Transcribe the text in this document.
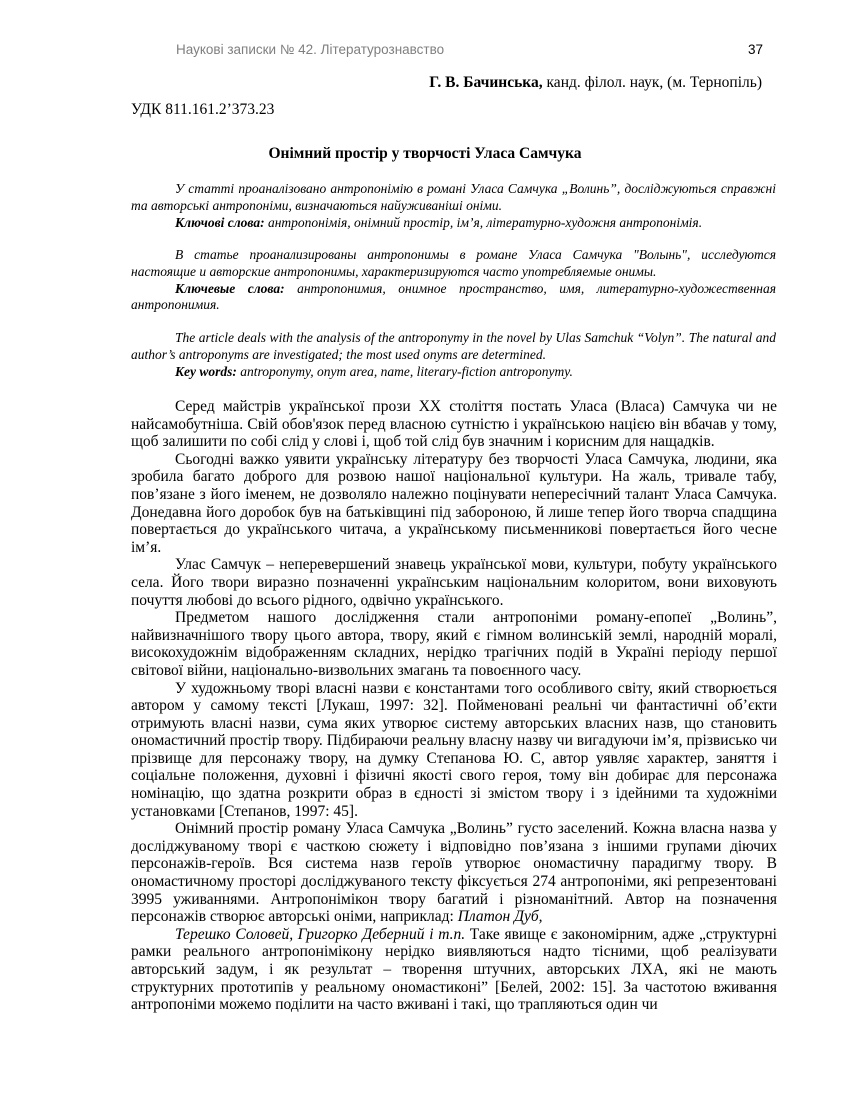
Наукові записки № 42. Літературознавство	37
Г. В. Бачинська, канд. філол. наук, (м. Тернопіль)
УДК 811.161.2’373.23
Онімний простір у творчості Уласа Самчука

У статті проаналізовано антропонімію в романі Уласа Самчука „Волинь”, досліджуються справжні та авторські антропоніми, визначаються найуживаніші оніми.

Ключові слова: антропонімія, онімний простір, ім’я, літературно-художня антропонімія.

В статье проанализированы антропонимы в романе Уласа Самчука "Волынь", исследуются настоящие и авторские антропонимы, характеризируются часто употребляемые онимы.

Ключевые слова: антропонимия, онимное пространство, имя, литературно-художественная антропонимия.

The article deals with the analysis of the antroponymy in the novel by Ulas Samchuk “Volyn”. The natural and author’s antroponyms are investigated; the most used onyms are determined.

Key words: antroponymy, onym area, name, literary-fiction antroponymy.

Серед майстрів української прози ХХ століття постать Уласа (Власа) Самчука чи не найсамобутніша. Свій обов'язок перед власною сутністю і українською нацією він вбачав у тому, щоб залишити по собі слід у слові і, щоб той слід був значним і корисним для нащадків.

Сьогодні важко уявити українську літературу без творчості Уласа Самчука, людини, яка зробила багато доброго для розвою нашої національної культури. На жаль, тривале табу, пов’язане з його іменем, не дозволяло належно поцінувати непересічний талант Уласа Самчука. Донедавна його доробок був на батьківщині під забороною, й лише тепер його творча спадщина повертається до українського читача, а українському письменникові повертається його чесне ім’я.

Улас Самчук – неперевершений знавець української мови, культури, побуту українського села. Його твори виразно позначенні українським національним колоритом, вони виховують почуття любові до всього рідного, одвічно українського.

Предметом нашого дослідження стали антропоніми роману-епопеї „Волинь”, найвизначнішого твору цього автора, твору, який є гімном волинській землі, народній моралі, високохудожнім відображенням складних, нерідко трагічних подій в Україні періоду першої світової війни, національно-визвольних змагань та повоєнного часу.

У художньому творі власні назви є константами того особливого світу, який створюється автором у самому тексті [Лукаш, 1997: 32]. Пойменовані реальні чи фантастичні об’єкти отримують власні назви, сума яких утворює систему авторських власних назв, що становить ономастичний простір твору. Підбираючи реальну власну назву чи вигадуючи ім’я, прізвисько чи прізвище для персонажу твору, на думку Степанова Ю. С, автор уявляє характер, заняття і соціальне положення, духовні і фізичні якості свого героя, тому він добирає для персонажа номінацію, що здатна розкрити образ в єдності зі змістом твору і з ідейними та художніми установками [Степанов, 1997: 45].

Онімний простір роману Уласа Самчука „Волинь” густо заселений. Кожна власна назва у досліджуваному творі є часткою сюжету і відповідно пов’язана з іншими групами діючих персонажів-героїв. Вся система назв героїв утворює ономастичну парадигму твору. В ономастичному просторі досліджуваного тексту фіксується 274 антропоніми, які репрезентовані 3995 уживаннями. Антропонімікон твору багатий і різноманітний. Автор на позначення персонажів створює авторські оніми, наприклад: Платон Дуб,

Терешко Соловей, Григорко Деберний і т.п. Таке явище є закономірним, адже „структурні рамки реального антропонімікону нерідко виявляються надто тісними, щоб реалізувати авторський задум, і як результат – творення штучних, авторських ЛХА, які не мають структурних прототипів у реальному ономастиконі” [Белей, 2002: 15]. За частотою вживання антропоніми можемо поділити на часто вживані і такі, що трапляються один чи
